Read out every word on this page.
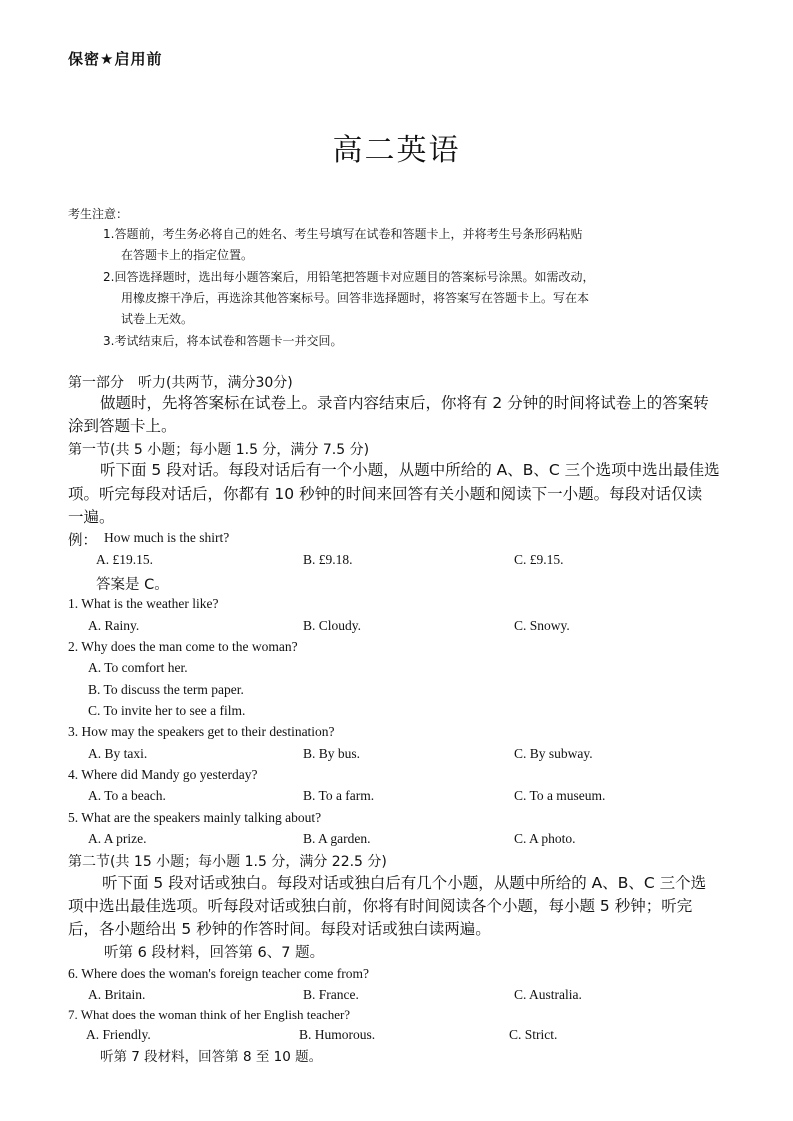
保密★启用前
高二英语
考生注意：
1.答题前，考生务必将自己的姓名、考生号填写在试卷和答题卡上，并将考生号条形码粘贴
在答题卡上的指定位置。
2.回答选择题时，选出每小题答案后，用铅笔把答题卡对应题目的答案标号涂黑。如需改动，
用橡皮擦干净后，再选涂其他答案标号。回答非选择题时，将答案写在答题卡上。写在本
试卷上无效。
3.考试结束后，将本试卷和答题卡一并交回。
第一部分　听力(共两节，满分30分)
做题时，先将答案标在试卷上。录音内容结束后，你将有 2 分钟的时间将试卷上的答案转
涂到答题卡上。
第一节(共 5 小题；每小题 1.5 分，满分 7.5 分)
听下面 5 段对话。每段对话后有一个小题，从题中所给的 A、B、C 三个选项中选出最佳选
项。听完每段对话后，你都有 10 秒钟的时间来回答有关小题和阅读下一小题。每段对话仅读
一遍。
例： How much is the shirt?
A. £19.15.	B. £9.18.	C. £9.15.
答案是 C。
1. What is the weather like?
A. Rainy.	B. Cloudy.	C. Snowy.
2. Why does the man come to the woman?
A. To comfort her.
B. To discuss the term paper.
C. To invite her to see a film.
3. How may the speakers get to their destination?
A. By taxi.	B. By bus.	C. By subway.
4. Where did Mandy go yesterday?
A. To a beach.	B. To a farm.	C. To a museum.
5. What are the speakers mainly talking about?
A. A prize.	B. A garden.	C. A photo.
第二节(共 15 小题；每小题 1.5 分，满分 22.5 分)
听下面 5 段对话或独白。每段对话或独白后有几个小题，从题中所给的 A、B、C 三个选
项中选出最佳选项。听每段对话或独白前，你将有时间阅读各个小题，每小题 5 秒钟；听完
后，各小题给出 5 秒钟的作答时间。每段对话或独白读两遍。
听第 6 段材料，回答第 6、7 题。
6. Where does the woman's foreign teacher come from?
A. Britain.	B. France.	C. Australia.
7. What does the woman think of her English teacher?
A. Friendly.	B. Humorous.	C. Strict.
听第 7 段材料，回答第 8 至 10 题。
